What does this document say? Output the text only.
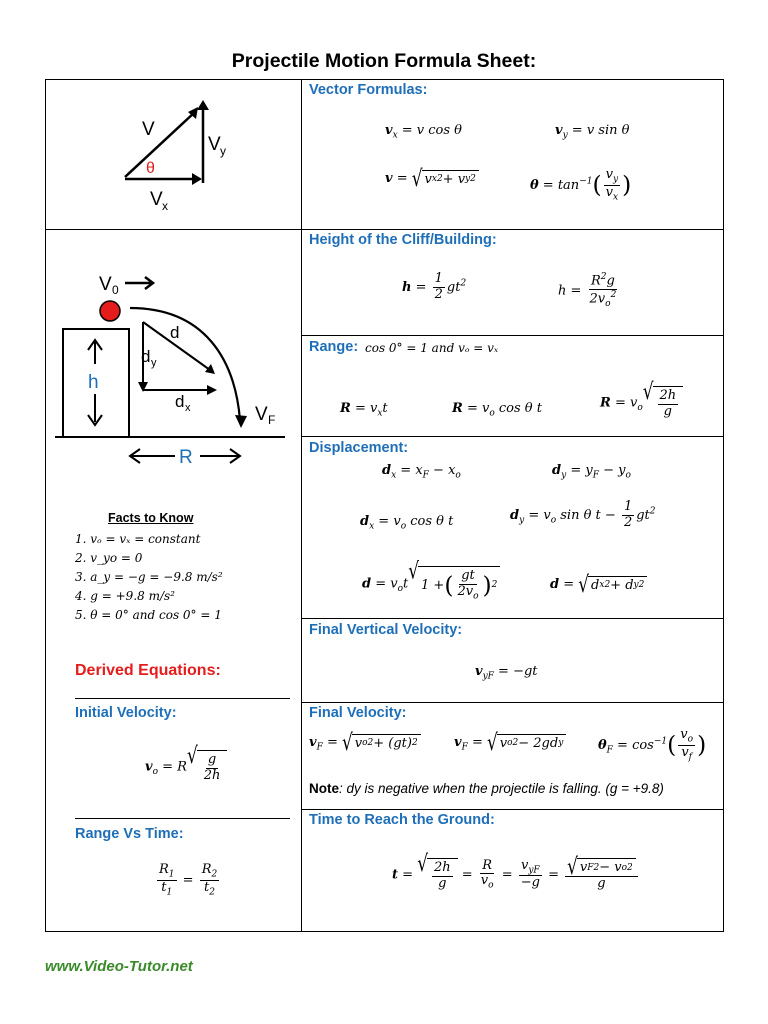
Projectile Motion Formula Sheet:
V
θ
V y
V x
V 0
d
d y
d x
h
V F
R
Facts to Know
1. vₒ = vₓ = constant
2. v_yo = 0
3. a_y = −g = −9.8 m/s²
4. g = +9.8 m/s²
5. θ = 0° and cos 0° = 1
Derived Equations:
Vector Formulas:
Height of the Cliff/Building:
Range: cos 0° = 1 and vₒ = vₓ
Displacement:
Final Vertical Velocity:
Final Velocity:
Time to Reach the Ground:
Initial Velocity:
Range Vs Time:
$v_x = v$ cos θ	$v_y = v$ sin θ
v = √ v x 2 + v y 2	$\theta = \tan^{-1}( \frac{v_y}{v_x}$ )
$h = \frac{1}{2} gt^2$	$h = \frac{R^2g}{2v_o^2}$
$R = v_xt$	$R = v_o$ cos θ t	$R = v_o$
√ $\frac{2h}{g}$
$d_x = x_F - x_o$	$d_y = y_F - y_o$
$d_x = v_o$ cos θ t	$d_y = v_o$ sin θ $t - \frac{1}{2} gt^2$
$d = v_ot$ √
1 + ( $\frac{gt}{2v_o}$ ) 2	d = √ d x 2 + d y 2
$v_{yF} = -gt$
$v_F$ = √ v o 2 + (gt) 2	$v_F$ = √ v o 2 − 2gd y	$\theta_F = \cos^{-1}( \frac{v_o}{v_f}$ )
Note: dy is negative when the projectile is falling. (g = +9.8)
t = √ $\frac{2h}{g} = \frac{R}{v_o} = \frac{v_{yF}}{-g} = \frac{\text{√ v F 2 − v o 2}}{g}$
$v_o = R$ √ $\frac{g}{2h}$
$\frac{R_1}{t_1} = \frac{R_2}{t_2}$
www.Video-Tutor.net
